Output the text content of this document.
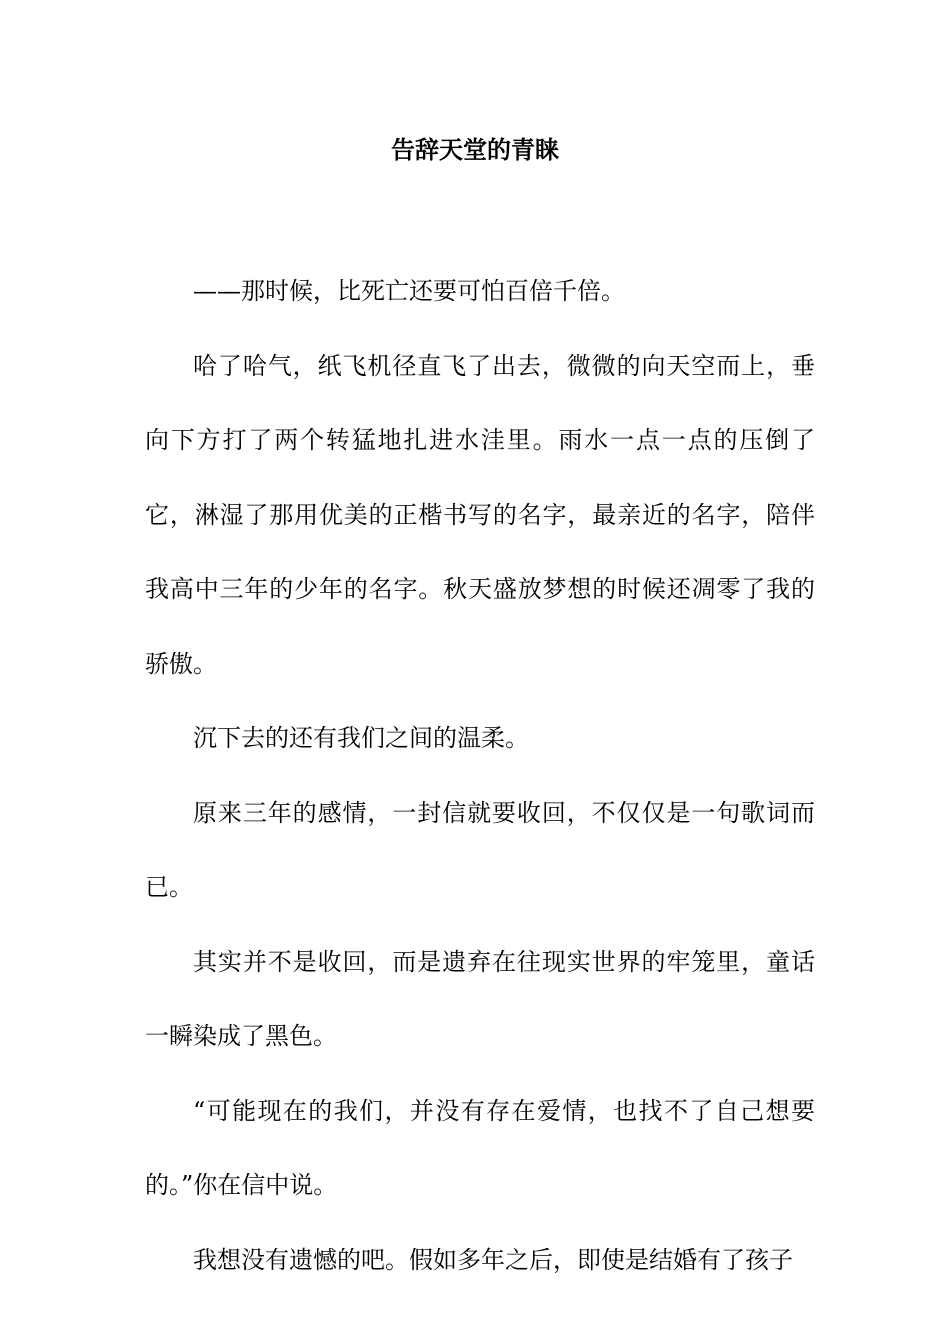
告辞天堂的青睐

——那时候，比死亡还要可怕百倍千倍。

哈了哈气，纸飞机径直飞了出去，微微的向天空而上，垂向下方打了两个转猛地扎进水洼里。雨水一点一点的压倒了它，淋湿了那用优美的正楷书写的名字，最亲近的名字，陪伴我高中三年的少年的名字。秋天盛放梦想的时候还凋零了我的骄傲。

沉下去的还有我们之间的温柔。

原来三年的感情，一封信就要收回，不仅仅是一句歌词而已。

其实并不是收回，而是遗弃在往现实世界的牢笼里，童话一瞬染成了黑色。

“可能现在的我们，并没有存在爱情，也找不了自己想要的。”你在信中说。

我想没有遗憾的吧。假如多年之后，即使是结婚有了孩子
